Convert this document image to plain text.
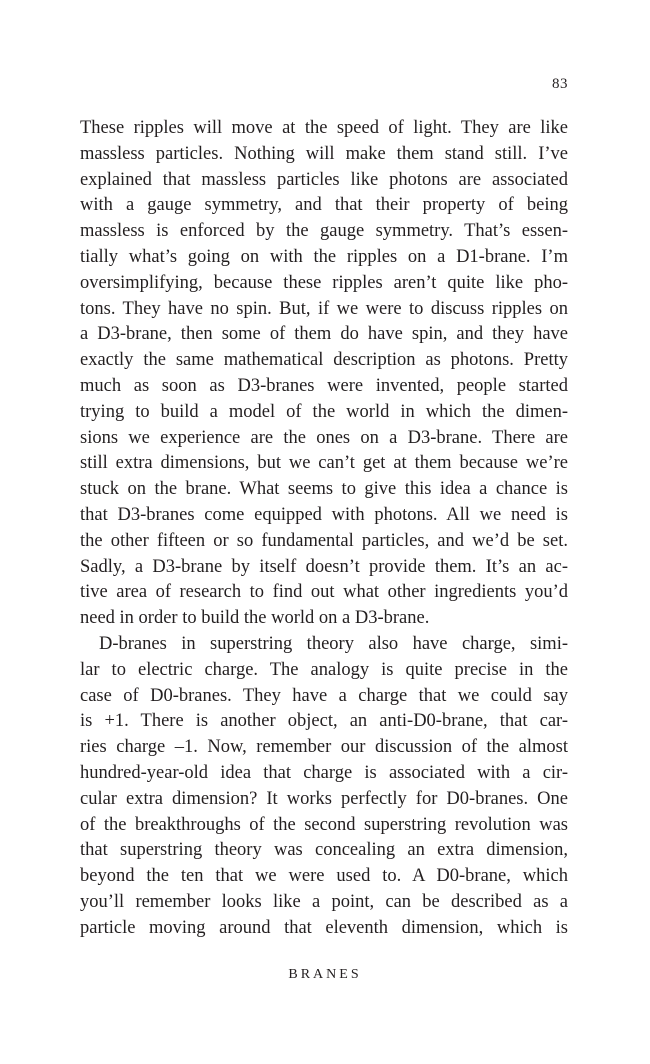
83
These ripples will move at the speed of light. They are like
massless particles. Nothing will make them stand still. I’ve
explained that massless particles like photons are associated
with a gauge symmetry, and that their property of being
massless is enforced by the gauge symmetry. That’s essen-
tially what’s going on with the ripples on a D1-brane. I’m
oversimplifying, because these ripples aren’t quite like pho-
tons. They have no spin. But, if we were to discuss ripples on
a D3-brane, then some of them do have spin, and they have
exactly the same mathematical description as photons. Pretty
much as soon as D3-branes were invented, people started
trying to build a model of the world in which the dimen-
sions we experience are the ones on a D3-brane. There are
still extra dimensions, but we can’t get at them because we’re
stuck on the brane. What seems to give this idea a chance is
that D3-branes come equipped with photons. All we need is
the other fifteen or so fundamental particles, and we’d be set.
Sadly, a D3-brane by itself doesn’t provide them. It’s an ac-
tive area of research to find out what other ingredients you’d
need in order to build the world on a D3-brane.
D-branes in superstring theory also have charge, simi-
lar to electric charge. The analogy is quite precise in the
case of D0-branes. They have a charge that we could say
is +1. There is another object, an anti-D0-brane, that car-
ries charge –1. Now, remember our discussion of the almost
hundred-year-old idea that charge is associated with a cir-
cular extra dimension? It works perfectly for D0-branes. One
of the breakthroughs of the second superstring revolution was
that superstring theory was concealing an extra dimension,
beyond the ten that we were used to. A D0-brane, which
you’ll remember looks like a point, can be described as a
particle moving around that eleventh dimension, which is
BRANES
